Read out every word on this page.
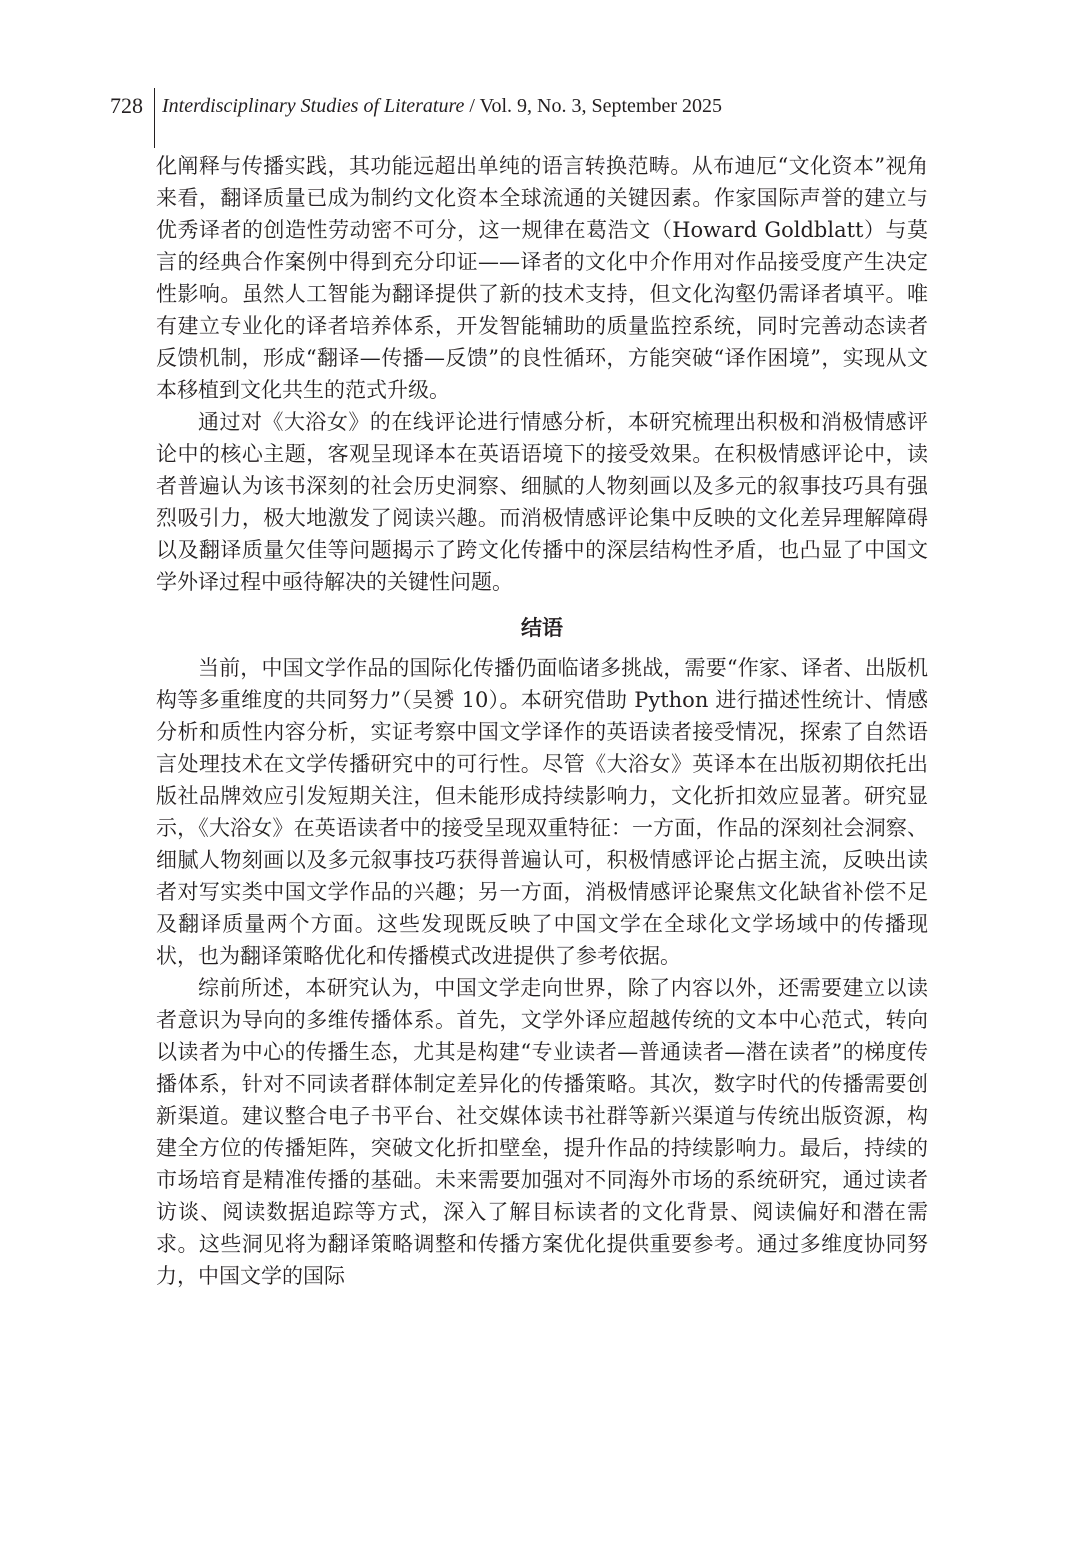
728 Interdisciplinary Studies of Literature / Vol. 9, No. 3, September 2025

化阐释与传播实践，其功能远超出单纯的语言转换范畴。从布迪厄“文化资本”视角来看，翻译质量已成为制约文化资本全球流通的关键因素。作家国际声誉的建立与优秀译者的创造性劳动密不可分，这一规律在葛浩文（Howard Goldblatt）与莫言的经典合作案例中得到充分印证——译者的文化中介作用对作品接受度产生决定性影响。虽然人工智能为翻译提供了新的技术支持，但文化沟壑仍需译者填平。唯有建立专业化的译者培养体系，开发智能辅助的质量监控系统，同时完善动态读者反馈机制，形成“翻译—传播—反馈”的良性循环，方能突破“译作困境”，实现从文本移植到文化共生的范式升级。

通过对《大浴女》的在线评论进行情感分析，本研究梳理出积极和消极情感评论中的核心主题，客观呈现译本在英语语境下的接受效果。在积极情感评论中，读者普遍认为该书深刻的社会历史洞察、细腻的人物刻画以及多元的叙事技巧具有强烈吸引力，极大地激发了阅读兴趣。而消极情感评论集中反映的文化差异理解障碍以及翻译质量欠佳等问题揭示了跨文化传播中的深层结构性矛盾，也凸显了中国文学外译过程中亟待解决的关键性问题。

结语

当前，中国文学作品的国际化传播仍面临诸多挑战，需要“作家、译者、出版机构等多重维度的共同努力”（吴赟 10）。本研究借助 Python 进行描述性统计、情感分析和质性内容分析，实证考察中国文学译作的英语读者接受情况，探索了自然语言处理技术在文学传播研究中的可行性。尽管《大浴女》英译本在出版初期依托出版社品牌效应引发短期关注，但未能形成持续影响力，文化折扣效应显著。研究显示，《大浴女》在英语读者中的接受呈现双重特征：一方面，作品的深刻社会洞察、细腻人物刻画以及多元叙事技巧获得普遍认可，积极情感评论占据主流，反映出读者对写实类中国文学作品的兴趣；另一方面，消极情感评论聚焦文化缺省补偿不足及翻译质量两个方面。这些发现既反映了中国文学在全球化文学场域中的传播现状，也为翻译策略优化和传播模式改进提供了参考依据。

综前所述，本研究认为，中国文学走向世界，除了内容以外，还需要建立以读者意识为导向的多维传播体系。首先，文学外译应超越传统的文本中心范式，转向以读者为中心的传播生态，尤其是构建“专业读者—普通读者—潜在读者”的梯度传播体系，针对不同读者群体制定差异化的传播策略。其次，数字时代的传播需要创新渠道。建议整合电子书平台、社交媒体读书社群等新兴渠道与传统出版资源，构建全方位的传播矩阵，突破文化折扣壁垒，提升作品的持续影响力。最后，持续的市场培育是精准传播的基础。未来需要加强对不同海外市场的系统研究，通过读者访谈、阅读数据追踪等方式，深入了解目标读者的文化背景、阅读偏好和潜在需求。这些洞见将为翻译策略调整和传播方案优化提供重要参考。通过多维度协同努力，中国文学的国际
